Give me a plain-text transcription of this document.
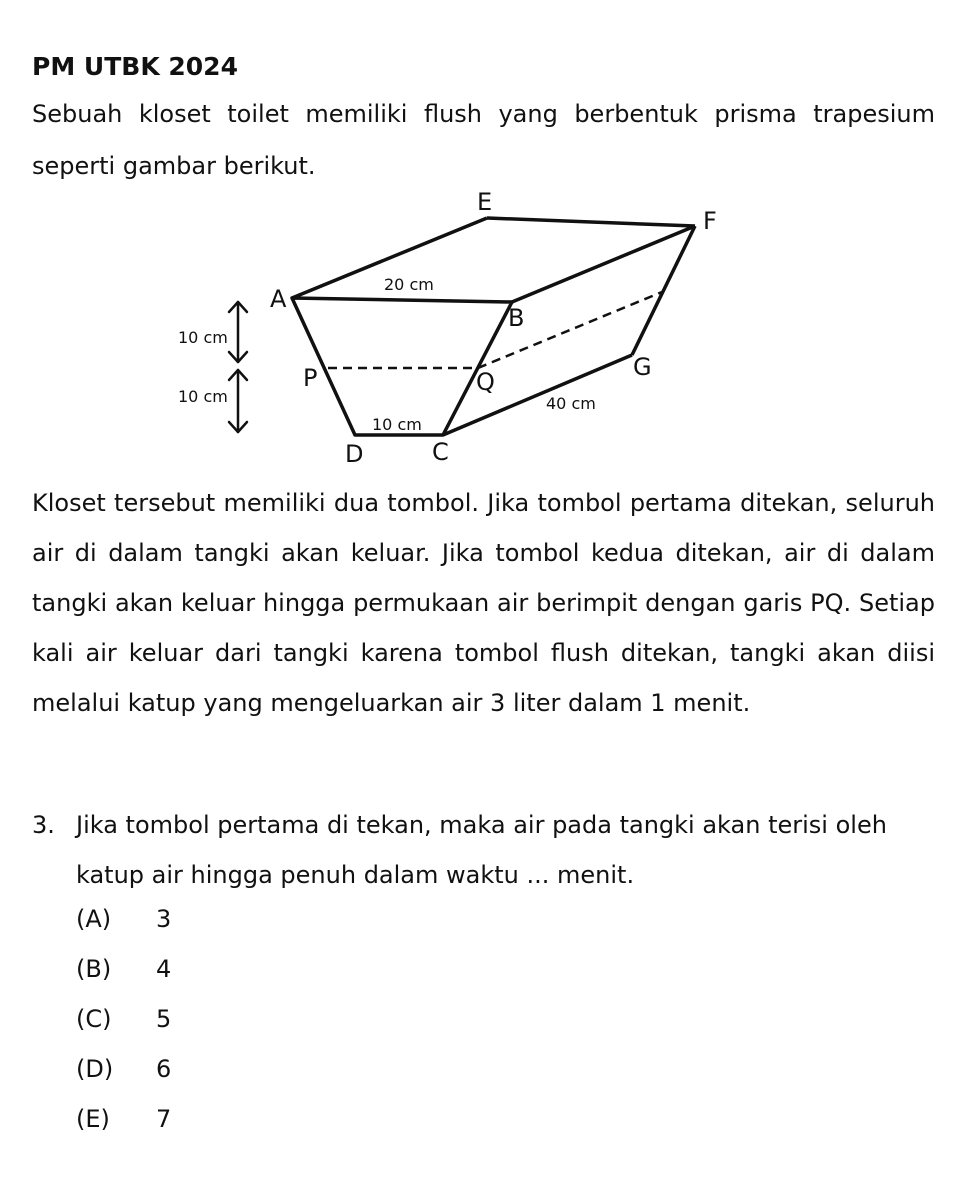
PM UTBK 2024

Sebuah kloset toilet memiliki flush yang berbentuk prisma trapesium seperti gambar berikut.

E
F
A
B
P	Q
G
D	C
20 cm
10 cm
40 cm
10 cm
10 cm

Kloset tersebut memiliki dua tombol. Jika tombol pertama ditekan, seluruh air di dalam tangki akan keluar. Jika tombol kedua ditekan, air di dalam tangki akan keluar hingga permukaan air berimpit dengan garis PQ. Setiap kali air keluar dari tangki karena tombol flush ditekan, tangki akan diisi melalui katup yang mengeluarkan air 3 liter dalam 1 menit.

3. Jika tombol pertama di tekan, maka air pada tangki akan terisi oleh katup air hingga penuh dalam waktu ... menit.

(A)	3
(B)	4
(C)	5
(D)	6
(E)	7
